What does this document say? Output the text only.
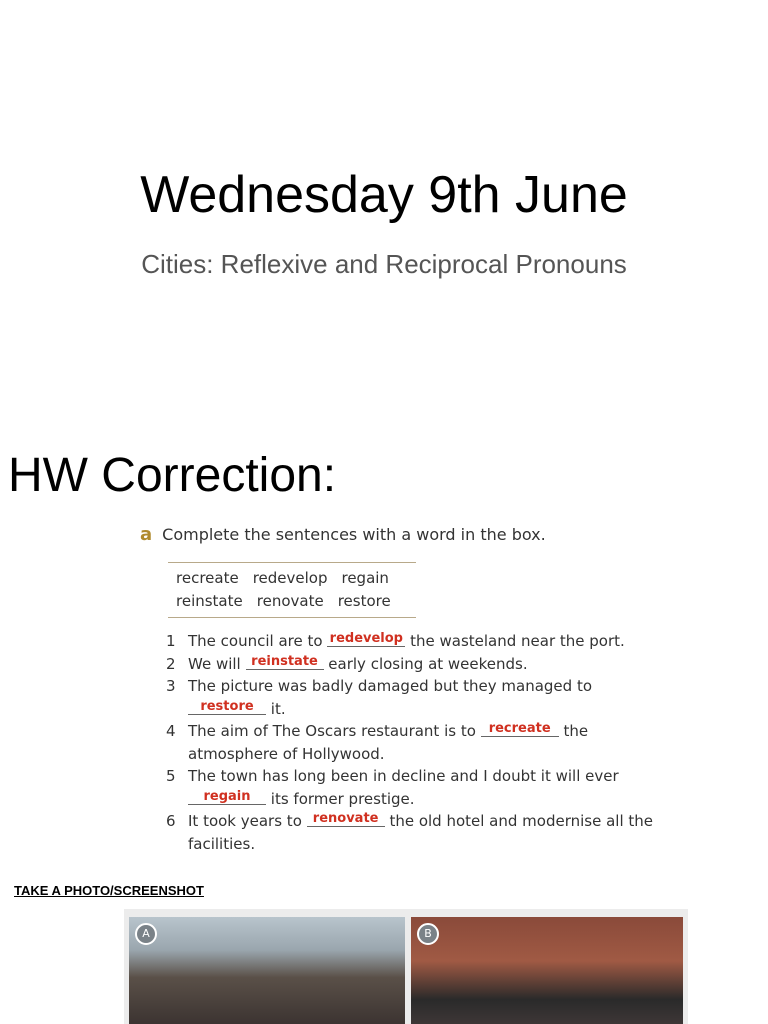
Wednesday 9th June
Cities: Reflexive and Reciprocal Pronouns
HW Correction:
a Complete the sentences with a word in the box.
recreate redevelop regain
reinstate renovate restore
1 The council are to redevelop the wasteland near the port.
2 We will reinstate early closing at weekends.
3 The picture was badly damaged but they managed to restore it.
4 The aim of The Oscars restaurant is to recreate the atmosphere of Hollywood.
5 The town has long been in decline and I doubt it will ever regain its former prestige.
6 It took years to renovate the old hotel and modernise all the facilities.
TAKE A PHOTO/SCREENSHOT
A	B
